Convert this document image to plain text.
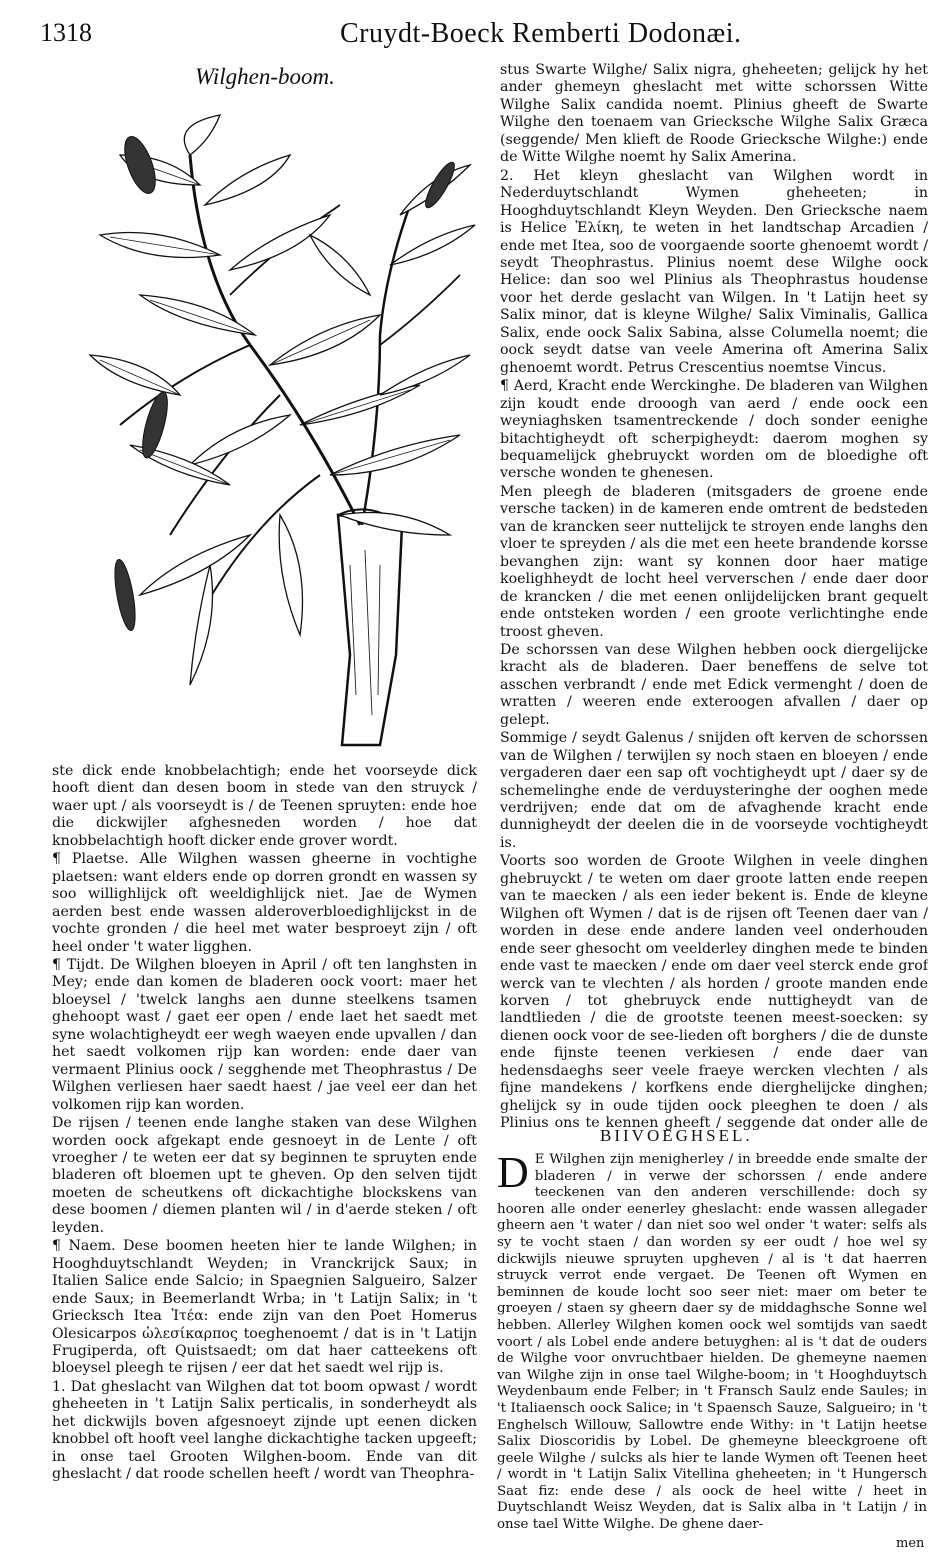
1318	Cruydt-Boeck Remberti Dodonæi.
Wilghen-boom.	stus Swarte Wilghe/ Salix nigra, gheheeten; gelijck hy het ander ghemeyn gheslacht met witte schorssen Witte Wilghe Salix candida noemt. Plinius gheeft de Swarte Wilghe den toenaem van Griecksche Wilghe Salix Græca (seggende/ Men klieft de Roode Griecksche Wilghe:) ende de Witte Wilghe noemt hy Salix Amerina.

2. Het kleyn gheslacht van Wilghen wordt in Nederduytschlandt Wymen gheheeten; in Hooghduytschlandt Kleyn Weyden. Den Griecksche naem is Helice Ἑλίκη, te weten in het landtschap Arcadien / ende met Itea, soo de voorgaende soorte ghenoemt wordt / seydt Theophrastus. Plinius noemt dese Wilghe oock Helice: dan soo wel Plinius als Theophrastus houdense voor het derde geslacht van Wilgen. In 't Latijn heet sy Salix minor, dat is kleyne Wilghe/ Salix Viminalis, Gallica Salix, ende oock Salix Sabina, alsse Columella noemt; die oock seydt datse van veele Amerina oft Amerina Salix ghenoemt wordt. Petrus Crescentius noemtse Vincus.

¶ Aerd, Kracht ende Werckinghe. De bladeren van Wilghen zijn koudt ende drooogh van aerd / ende oock een weyniaghsken tsamentreckende / doch sonder eenighe bitachtigheydt oft scherpigheydt: daerom moghen sy bequamelijck ghebruyckt worden om de bloedighe oft versche wonden te ghenesen.

Men pleegh de bladeren (mitsgaders de groene ende versche tacken) in de kameren ende omtrent de bedsteden van de krancken seer nuttelijck te stroyen ende langhs den vloer te spreyden / als die met een heete brandende korsse bevanghen zijn: want sy konnen door haer matige koelighheydt de locht heel ververschen / ende daer door de krancken / die met eenen onlijdelijcken brant gequelt ende ontsteken worden / een groote verlichtinghe ende troost gheven.

De schorssen van dese Wilghen hebben oock diergelijcke kracht als de bladeren. Daer beneffens de selve tot asschen verbrandt / ende met Edick vermenght / doen de wratten / weeren ende exteroogen afvallen / daer op gelept.

Sommige / seydt Galenus / snijden oft kerven de schorssen van de Wilghen / terwijlen sy noch staen en bloeyen / ende vergaderen daer een sap oft vochtigheydt upt / daer sy de schemelinghe ende de verduysteringhe der ooghen mede verdrijven; ende dat om de afvaghende kracht ende dunnigheydt der deelen die in de voorseyde vochtigheydt is.

Voorts soo worden de Groote Wilghen in veele dinghen ghebruyckt / te weten om daer groote latten ende reepen van te maecken / als een ieder bekent is. Ende de kleyne Wilghen oft Wymen / dat is de rijsen oft Teenen daer van / worden in dese ende andere landen veel onderhouden ende seer ghesocht om veelderley dinghen mede te binden ende vast te maecken / ende om daer veel sterck ende grof werck van te vlechten / als horden / groote manden ende korven / tot ghebruyck ende nuttigheydt van de landtlieden / die de grootste teenen meest-soecken: sy dienen oock voor de see-lieden oft borghers / die de dunste ende fijnste teenen verkiesen / ende daer van hedensdaeghs seer veele fraeye wercken vlechten / als fijne mandekens / korfkens ende dierghelijcke dinghen; ghelijck sy in oude tijden oock pleeghen te doen / als Plinius ons te kennen gheeft / seggende dat onder alle de

ste dick ende knobbelachtigh; ende het voorseyde dick hooft dient dan desen boom in stede van den struyck / waer upt / als voorseydt is / de Teenen spruyten: ende hoe die dickwijler afghesneden worden / hoe dat knobbelachtigh hooft dicker ende grover wordt.

¶ Plaetse. Alle Wilghen wassen gheerne in vochtighe plaetsen: want elders ende op dorren grondt en wassen sy soo willighlijck oft weeldighlijck niet. Jae de Wymen aerden best ende wassen alderoverbloedighlijckst in de vochte gronden / die heel met water besproeyt zijn / oft heel onder 't water ligghen.

¶ Tijdt. De Wilghen bloeyen in April / oft ten langhsten in Mey; ende dan komen de bladeren oock voort: maer het bloeysel / 'twelck langhs aen dunne steelkens tsamen ghehoopt wast / gaet eer open / ende laet het saedt met syne wolachtigheydt eer wegh waeyen ende upvallen / dan het saedt volkomen rijp kan worden: ende daer van vermaent Plinius oock / segghende met Theophrastus / De Wilghen verliesen haer saedt haest / jae veel eer dan het volkomen rijp kan worden.

De rijsen / teenen ende langhe staken van dese Wilghen worden oock afgekapt ende gesnoeyt in de Lente / oft vroegher / te weten eer dat sy beginnen te spruyten ende bladeren oft bloemen upt te gheven. Op den selven tijdt moeten de scheutkens oft dickachtighe blockskens van dese boomen / diemen planten wil / in d'aerde steken / oft leyden.

¶ Naem. Dese boomen heeten hier te lande Wilghen; in Hooghduytschlandt Weyden; in Vranckrijck Saux; in Italien Salice ende Salcio; in Spaegnien Salgueiro, Salzer ende Saux; in Beemerlandt Wrba; in 't Latijn Salix; in 't Griecksch Itea Ἰτέα: ende zijn van den Poet Homerus Olesicarpos ὠλεσίκαρπος toeghenoemt / dat is in 't Latijn Frugiperda, oft Quistsaedt; om dat haer catteekens oft bloeysel pleegh te rijsen / eer dat het saedt wel rijp is.

1. Dat gheslacht van Wilghen dat tot boom opwast / wordt gheheeten in 't Latijn Salix perticalis, in sonderheydt als het dickwijls boven afgesnoeyt zijnde upt eenen dicken knobbel oft hooft veel langhe dickachtighe tacken upgeeft; in onse tael Grooten Wilghen-boom. Ende van dit gheslacht / dat roode schellen heeft / wordt van Theophra-

BIIVOEGHSEL.
D E Wilghen zijn menigherley / in breedde ende smalte der bladeren / in verwe der schorssen / ende andere teeckenen van den anderen verschillende: doch sy hooren alle onder eenerley gheslacht: ende wassen allegader gheern aen 't water / dan niet soo wel onder 't water: selfs als sy te vocht staen / dan worden sy eer oudt / hoe wel sy dickwijls nieuwe spruyten upgheven / al is 't dat haerren struyck verrot ende vergaet. De Teenen oft Wymen en beminnen de koude locht soo seer niet: maer om beter te groeyen / staen sy gheern daer sy de middaghsche Sonne wel hebben. Allerley Wilghen komen oock wel somtijds van saedt voort / als Lobel ende andere betuyghen: al is 't dat de ouders de Wilghe voor onvruchtbaer hielden. De ghemeyne naemen van Wilghe zijn in onse tael Wilghe-boom; in 't Hooghduytsch Weydenbaum ende Felber; in 't Fransch Saulz ende Saules; in 't Italiaensch oock Salice; in 't Spaensch Sauze, Salgueiro; in 't Enghelsch Willouw, Sallowtre ende Withy: in 't Latijn heetse Salix Dioscoridis by Lobel. De ghemeyne bleeckgroene oft geele Wilghe / sulcks als hier te lande Wymen oft Teenen heet / wordt in 't Latijn Salix Vitellina gheheeten; in 't Hungersch Saat fiz: ende dese / als oock de heel witte / heet in Duytschlandt Weisz Weyden, dat is Salix alba in 't Latijn / in onse tael Witte Wilghe. De ghene daer-

men
